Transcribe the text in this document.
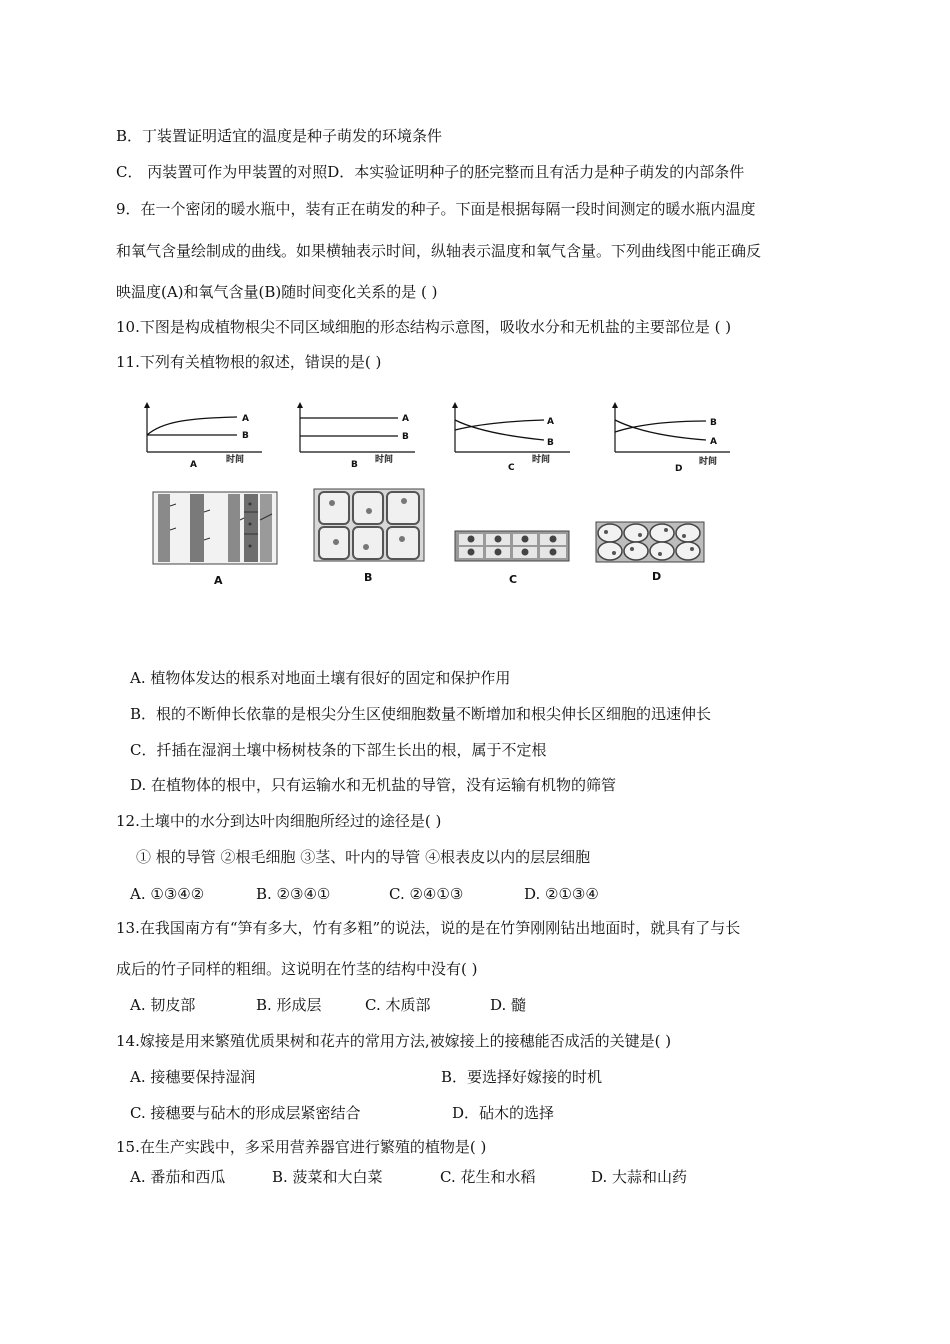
B．丁装置证明适宜的温度是种子萌发的环境条件
C． 丙装置可作为甲装置的对照D．本实验证明种子的胚完整而且有活力是种子萌发的内部条件
9．在一个密闭的暖水瓶中，装有正在萌发的种子。下面是根据每隔一段时间测定的暖水瓶内温度
和氧气含量绘制成的曲线。如果横轴表示时间，纵轴表示温度和氧气含量。下列曲线图中能正确反
映温度(A)和氧气含量(B)随时间变化关系的是 ( )
10.下图是构成植物根尖不同区域细胞的形态结构示意图，吸收水分和无机盐的主要部位是 ( )
11.下列有关植物根的叙述，错误的是( )
A
B
A	时间
A
B
B 时间
A
B
C
时间
B
A
D
时间
A	B	C	D
A. 植物体发达的根系对地面土壤有很好的固定和保护作用
B．根的不断伸长依靠的是根尖分生区使细胞数量不断增加和根尖伸长区细胞的迅速伸长
C．扦插在湿润土壤中杨树枝条的下部生长出的根，属于不定根
D. 在植物体的根中，只有运输水和无机盐的导管，没有运输有机物的筛管
12.土壤中的水分到达叶肉细胞所经过的途径是( )
① 根的导管 ②根毛细胞 ③茎、叶内的导管 ④根表皮以内的层层细胞
A. ①③④②	B. ②③④①	C. ②④①③	D. ②①③④
13.在我国南方有“笋有多大，竹有多粗”的说法，说的是在竹笋刚刚钻出地面时，就具有了与长
成后的竹子同样的粗细。这说明在竹茎的结构中没有( )
A. 韧皮部	B. 形成层	C. 木质部	D. 髓
14.嫁接是用来繁殖优质果树和花卉的常用方法,被嫁接上的接穗能否成活的关键是( )
A. 接穗要保持湿润	B．要选择好嫁接的时机
C. 接穗要与砧木的形成层紧密结合	D．砧木的选择
15.在生产实践中，多采用营养器官进行繁殖的植物是( )
A. 番茄和西瓜	B. 菠菜和大白菜	C. 花生和水稻	D. 大蒜和山药
